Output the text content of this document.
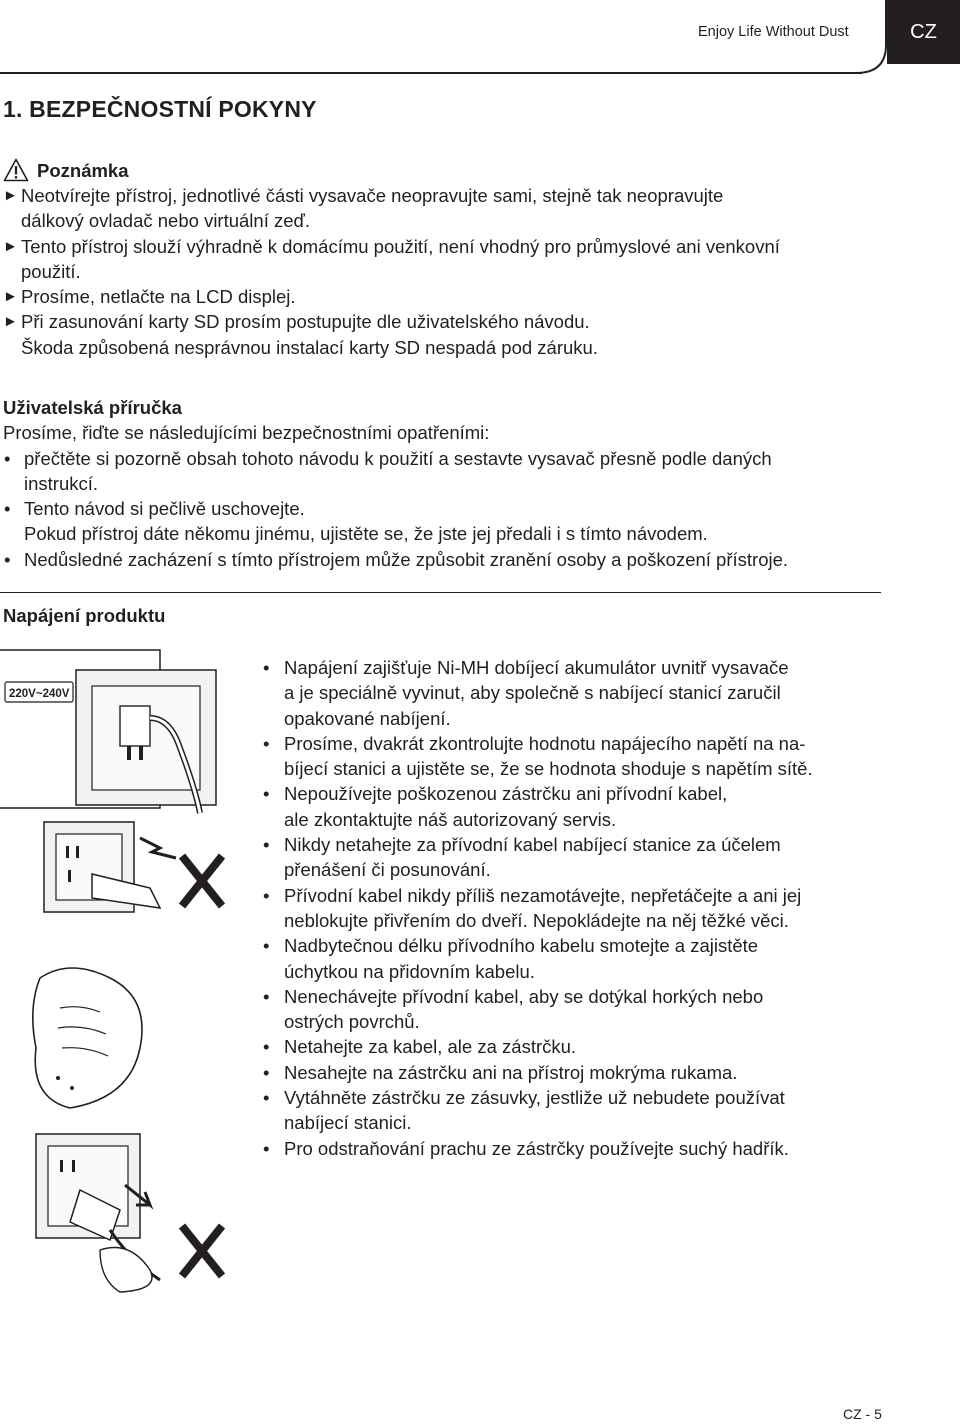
Enjoy Life Without Dust	CZ
1. BEZPEČNOSTNÍ POKYNY
Poznámka
► Neotvírejte přístroj, jednotlivé části vysavače neopravujte sami, stejně tak neopravujte
dálkový ovladač nebo virtuální zeď.
► Tento přístroj slouží výhradně k domácímu použití, není vhodný pro průmyslové ani venkovní
použití.
► Prosíme, netlačte na LCD displej.
► Při zasunování karty SD prosím postupujte dle uživatelského návodu.
Škoda způsobená nesprávnou instalací karty SD nespadá pod záruku.
Uživatelská příručka
Prosíme, řiďte se následujícími bezpečnostními opatřeními:
• přečtěte si pozorně obsah tohoto návodu k použití a sestavte vysavač přesně podle daných
instrukcí.
• Tento návod si pečlivě uschovejte.
Pokud přístroj dáte někomu jinému, ujistěte se, že jste jej předali i s tímto návodem.
• Nedůsledné zacházení s tímto přístrojem může způsobit zranění osoby a poškození přístroje.
Napájení produktu
220V~240V
• Napájení zajišťuje Ni-MH dobíjecí akumulátor uvnitř vysavače
a je speciálně vyvinut, aby společně s nabíjecí stanicí zaručil
opakované nabíjení.
• Prosíme, dvakrát zkontrolujte hodnotu napájecího napětí na na-
bíjecí stanici a ujistěte se, že se hodnota shoduje s napětím sítě.
• Nepoužívejte poškozenou zástrčku ani přívodní kabel,
ale zkontaktujte náš autorizovaný servis.
• Nikdy netahejte za přívodní kabel nabíjecí stanice za účelem
přenášení či posunování.
• Přívodní kabel nikdy příliš nezamotávejte, nepřetáčejte a ani jej
neblokujte přivřením do dveří. Nepokládejte na něj těžké věci.
• Nadbytečnou délku přívodního kabelu smotejte a zajistěte
úchytkou na přidovním kabelu.
• Nenechávejte přívodní kabel, aby se dotýkal horkých nebo
ostrých povrchů.
• Netahejte za kabel, ale za zástrčku.
• Nesahejte na zástrčku ani na přístroj mokrýma rukama.
• Vytáhněte zástrčku ze zásuvky, jestliže už nebudete používat
nabíjecí stanici.
• Pro odstraňování prachu ze zástrčky používejte suchý hadřík.
CZ - 5
